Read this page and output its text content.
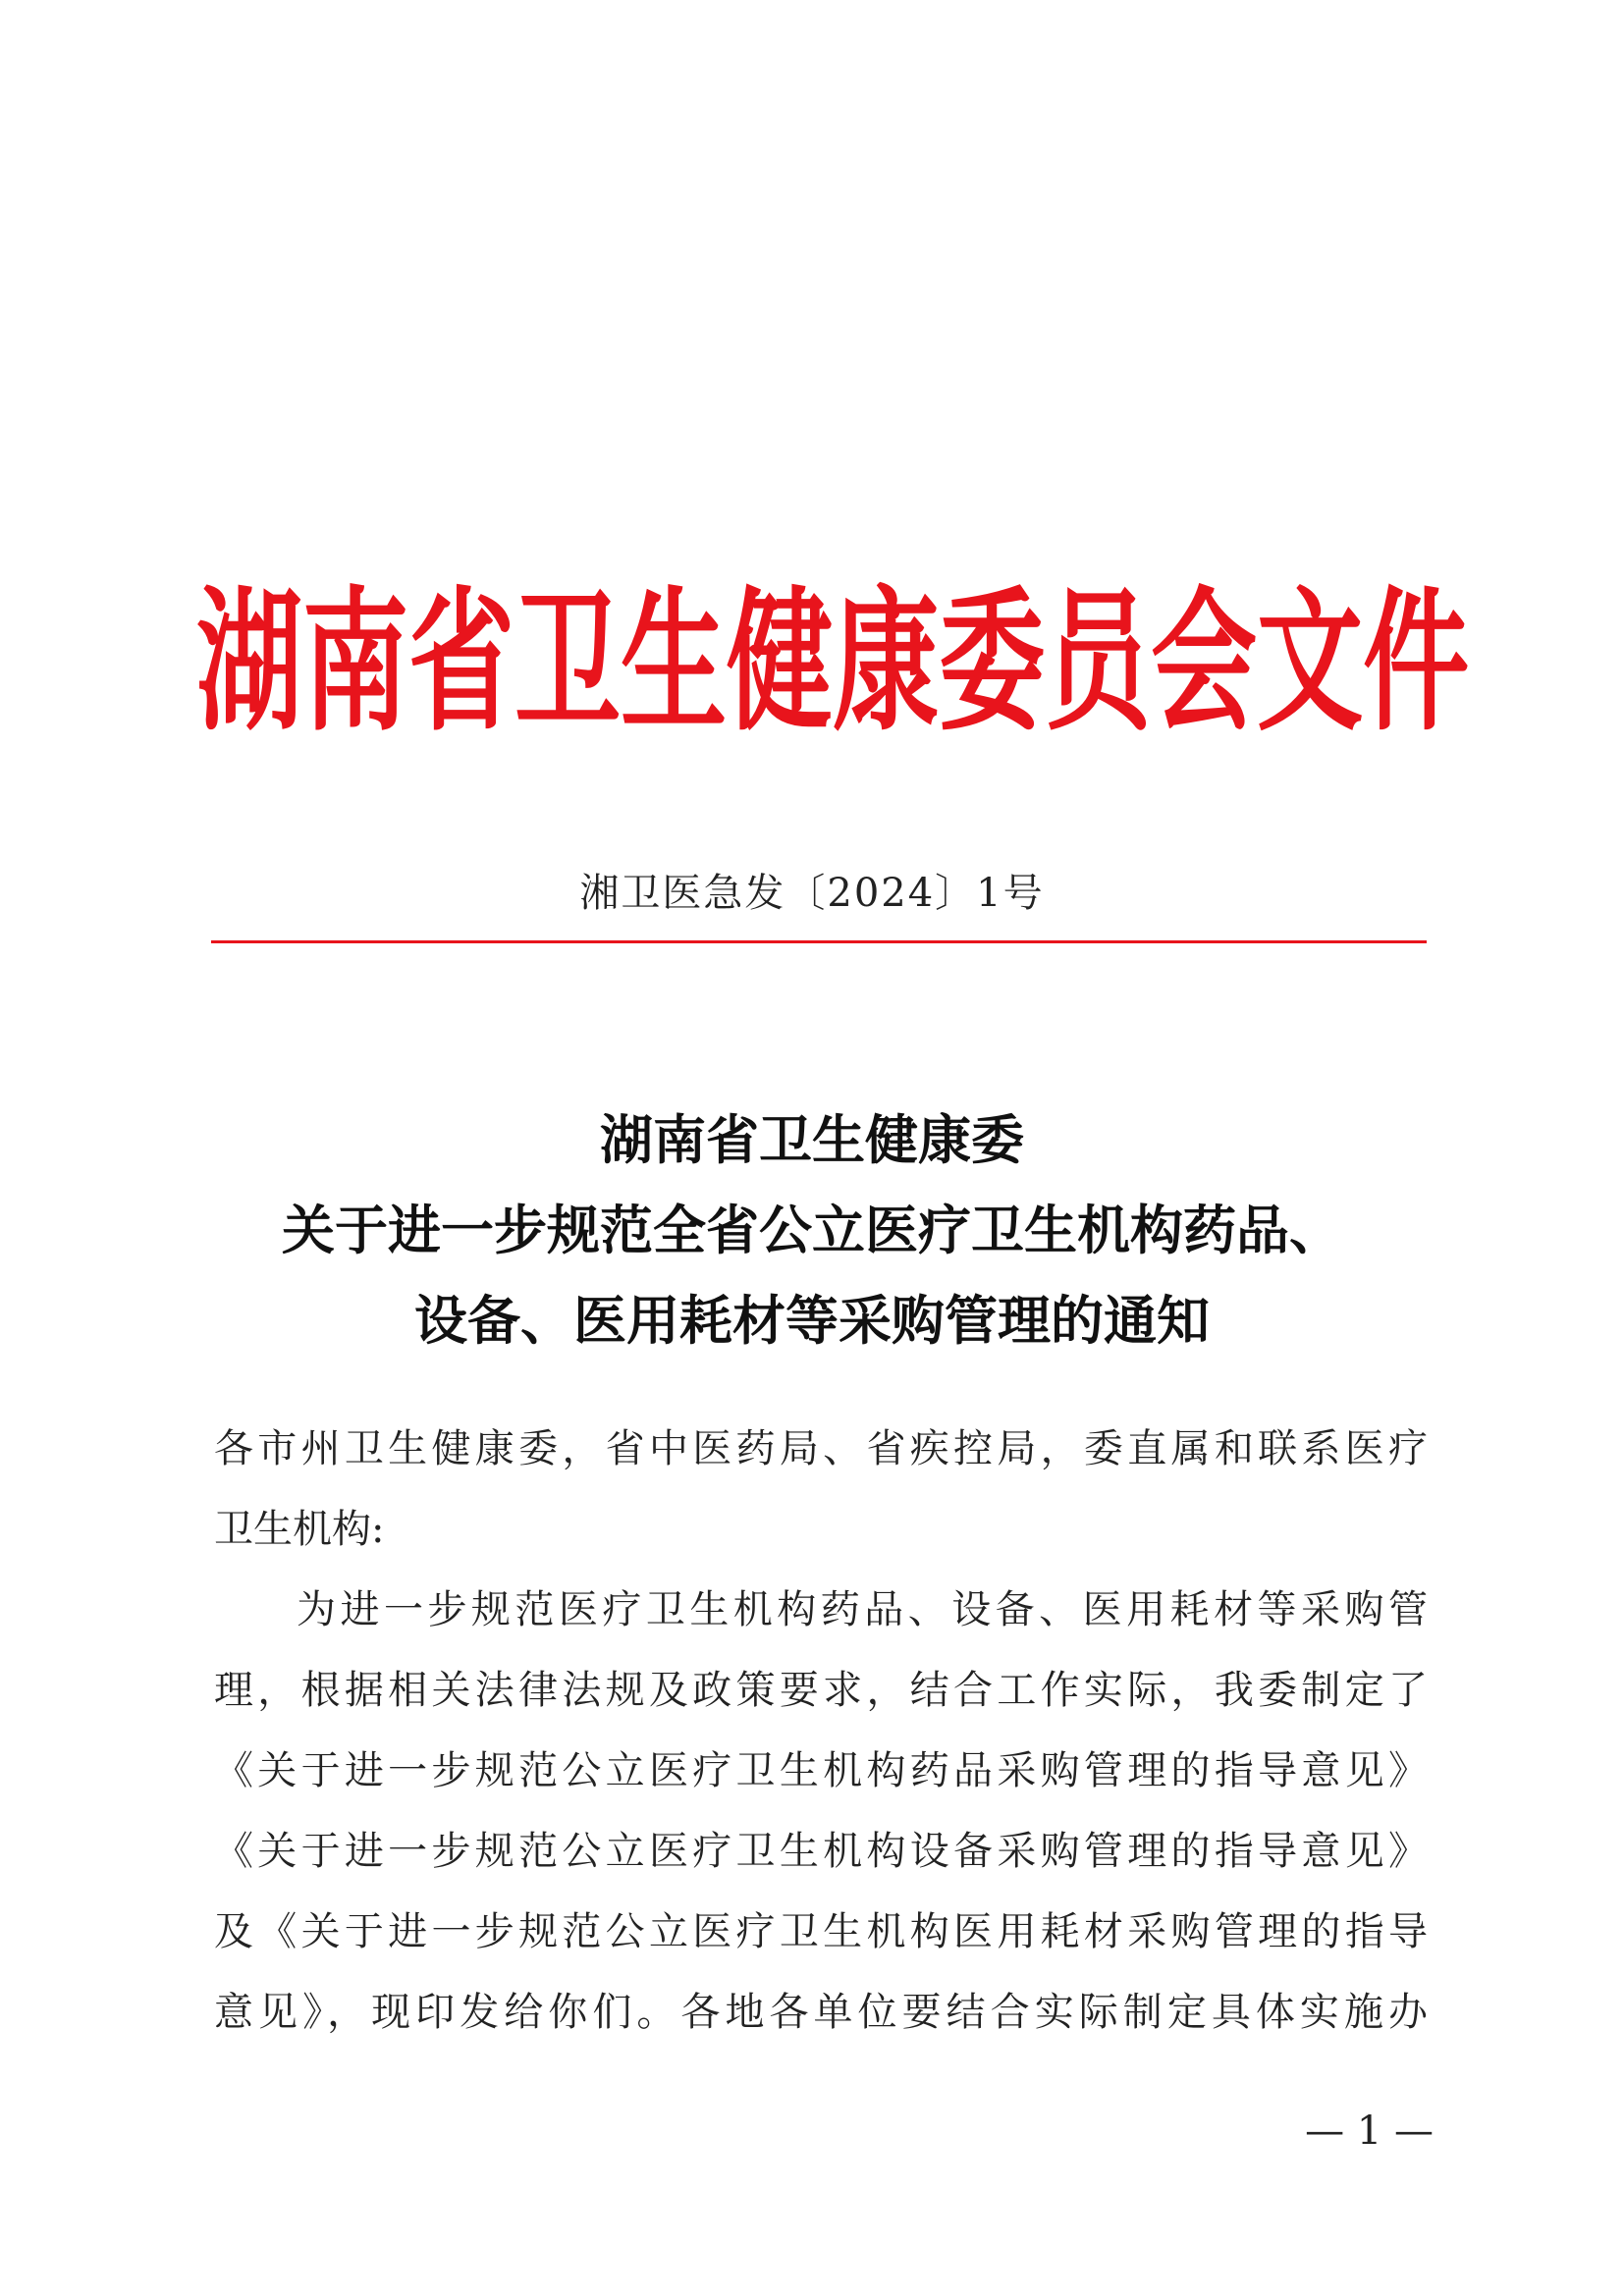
湖 南 省 卫 生 健 康 委 员 会 文 件
湘卫医急发〔2024〕1号
湖南省卫生健康委
关于进一步规范全省公立医疗卫生机构药品、
设备、医用耗材等采购管理的通知
各市州卫生健康委，省中医药局、省疾控局，委直属和联系医疗
卫生机构:
为进一步规范医疗卫生机构药品、设备、医用耗材等采购管
理，根据相关法律法规及政策要求，结合工作实际，我委制定了
《关于进一步规范公立医疗卫生机构药品采购管理的指导意见》
《关于进一步规范公立医疗卫生机构设备采购管理的指导意见》
及《关于进一步规范公立医疗卫生机构医用耗材采购管理的指导
意见》，现印发给你们。各地各单位要结合实际制定具体实施办
— 1 —
